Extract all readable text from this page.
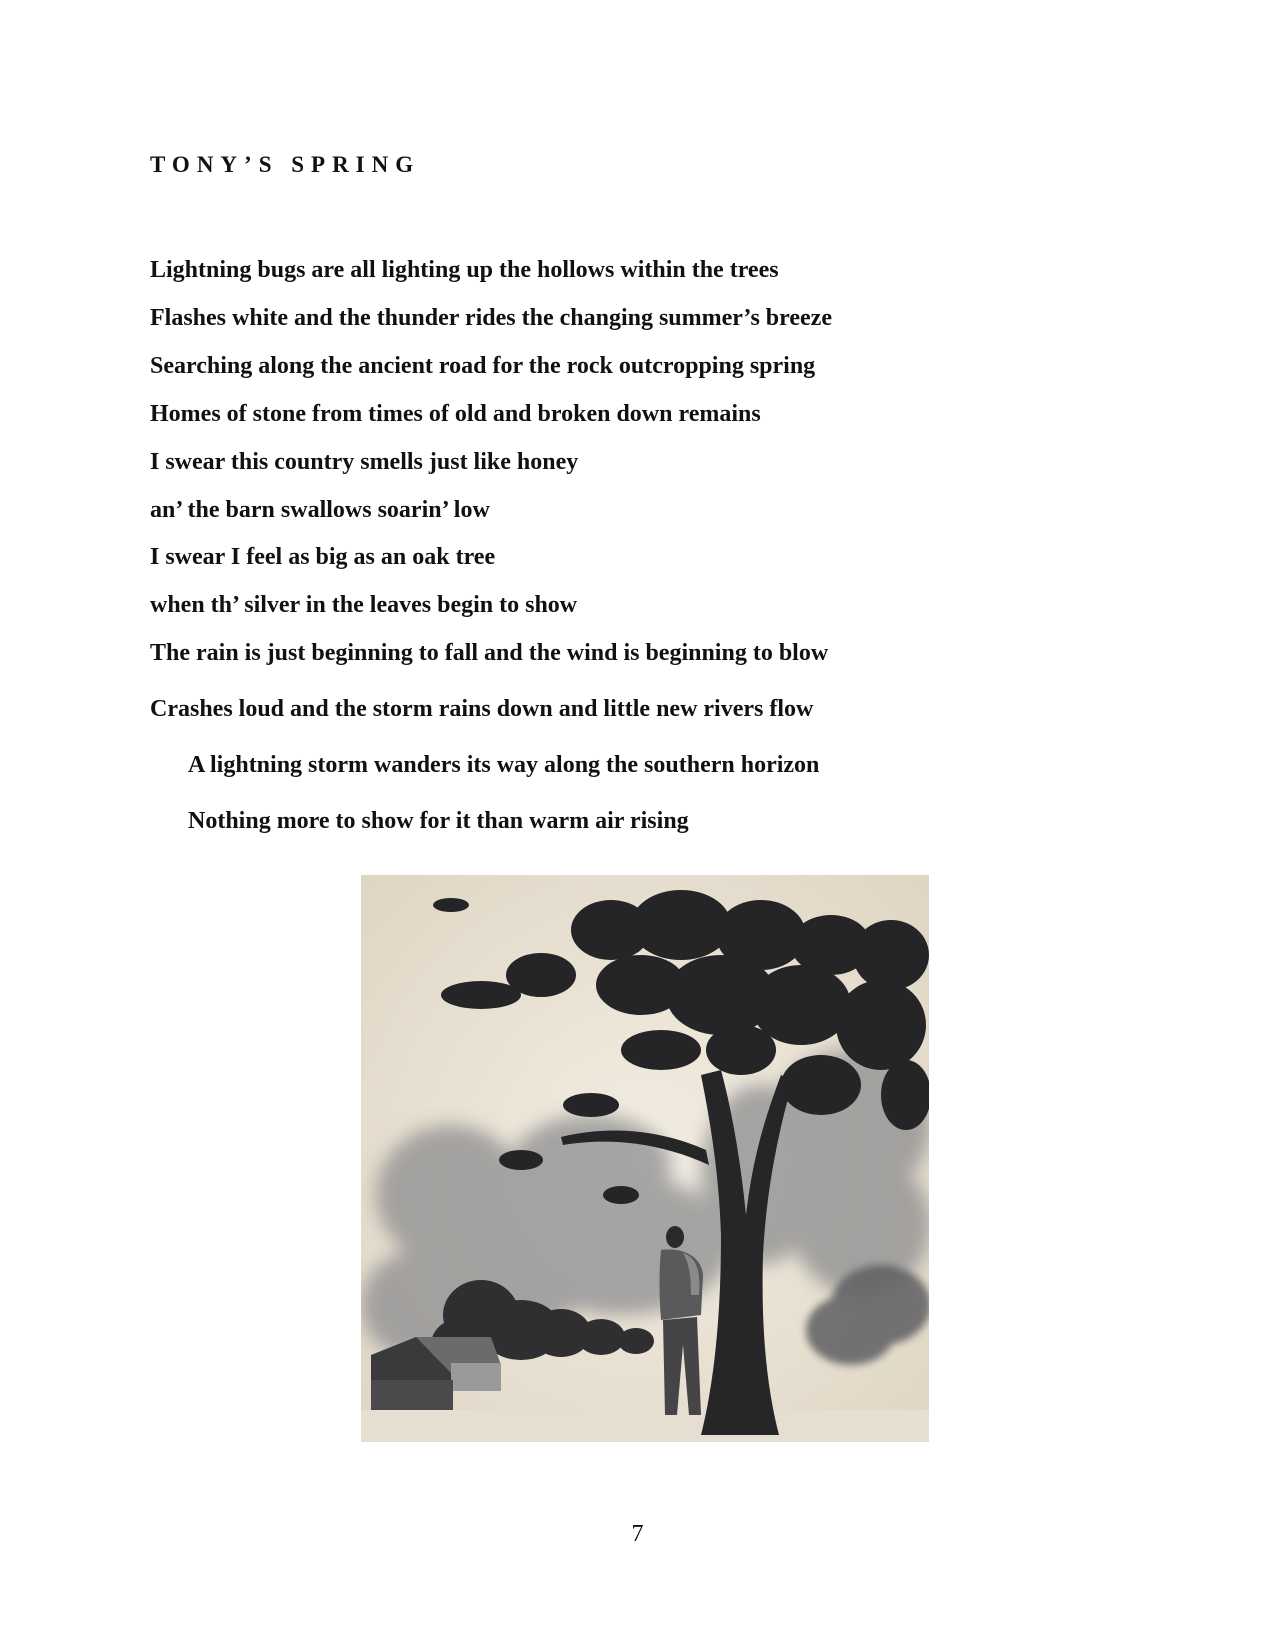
TONY’S SPRING
Lightning bugs are all lighting up the hollows within the trees
Flashes white and the thunder rides the changing summer’s breeze
Searching along the ancient road for the rock outcropping spring
Homes of stone from times of old and broken down remains
I swear this country smells just like honey
an’ the barn swallows soarin’ low
I swear I feel as big as an oak tree
when th’ silver in the leaves begin to show
The rain is just beginning to fall and the wind is beginning to blow
Crashes loud and the storm rains down and little new rivers flow
A lightning storm wanders its way along the southern horizon
Nothing more to show for it than warm air rising
7
